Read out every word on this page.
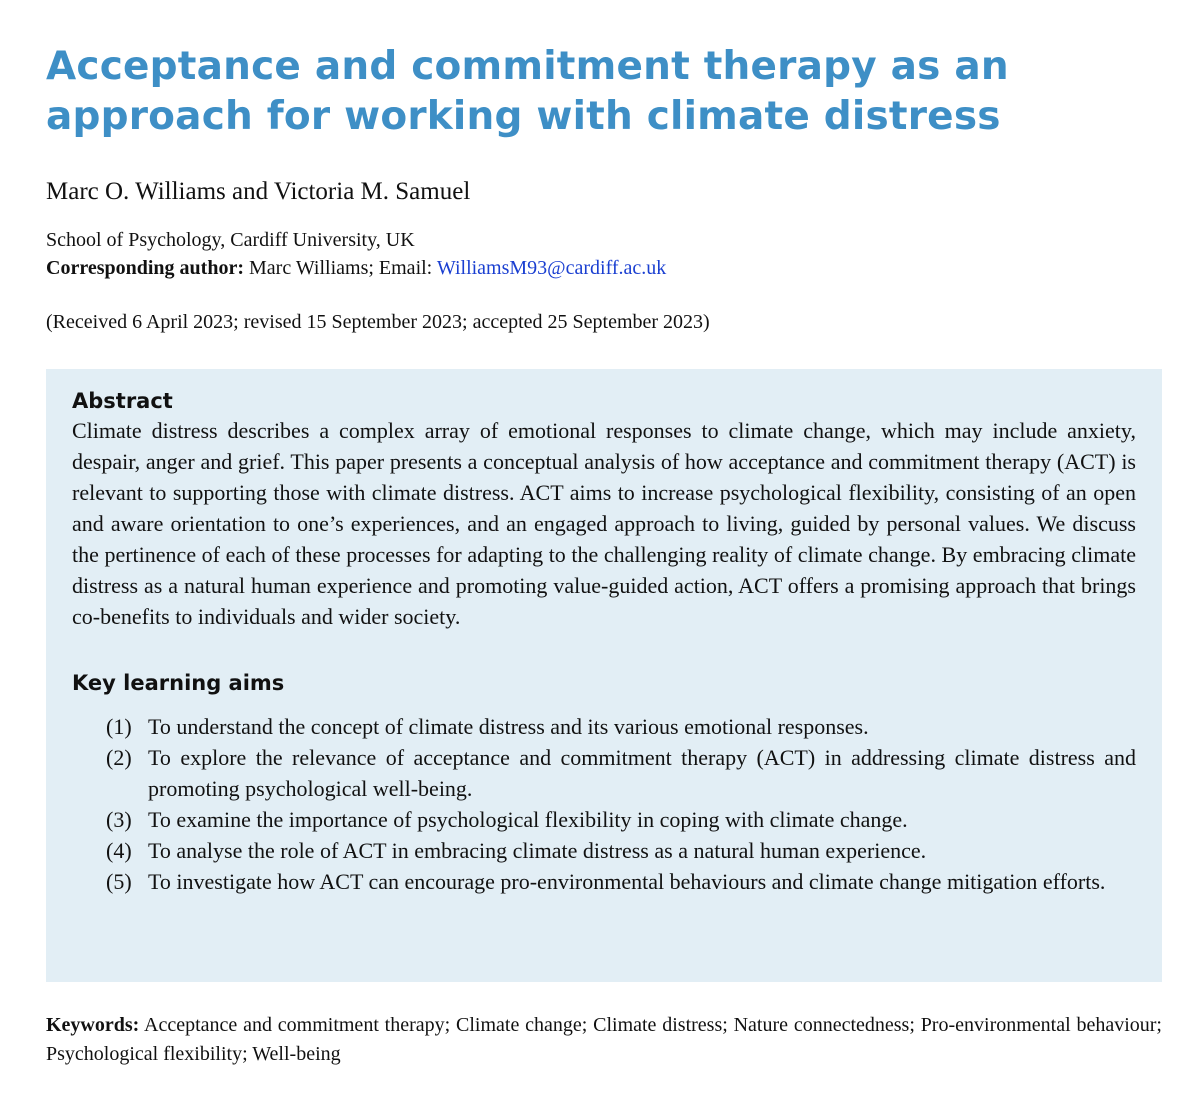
Acceptance and commitment therapy as an approach for working with climate distress

Marc O. Williams and Victoria M. Samuel

School of Psychology, Cardiff University, UK
Corresponding author: Marc Williams; Email: WilliamsM93@cardiff.ac.uk

(Received 6 April 2023; revised 15 September 2023; accepted 25 September 2023)

Abstract

Climate distress describes a complex array of emotional responses to climate change, which may include anxiety, despair, anger and grief. This paper presents a conceptual analysis of how acceptance and commitment therapy (ACT) is relevant to supporting those with climate distress. ACT aims to increase psychological flexibility, consisting of an open and aware orientation to one’s experiences, and an engaged approach to living, guided by personal values. We discuss the pertinence of each of these processes for adapting to the challenging reality of climate change. By embracing climate distress as a natural human experience and promoting value-guided action, ACT offers a promising approach that brings co-benefits to individuals and wider society.

Key learning aims
(1) To understand the concept of climate distress and its various emotional responses.
(2) To explore the relevance of acceptance and commitment therapy (ACT) in addressing climate distress and promoting psychological well-being.
(3) To examine the importance of psychological flexibility in coping with climate change.
(4) To analyse the role of ACT in embracing climate distress as a natural human experience.
(5) To investigate how ACT can encourage pro-environmental behaviours and climate change mitigation efforts.

Keywords: Acceptance and commitment therapy; Climate change; Climate distress; Nature connectedness; Pro-environmental behaviour; Psychological flexibility; Well-being
